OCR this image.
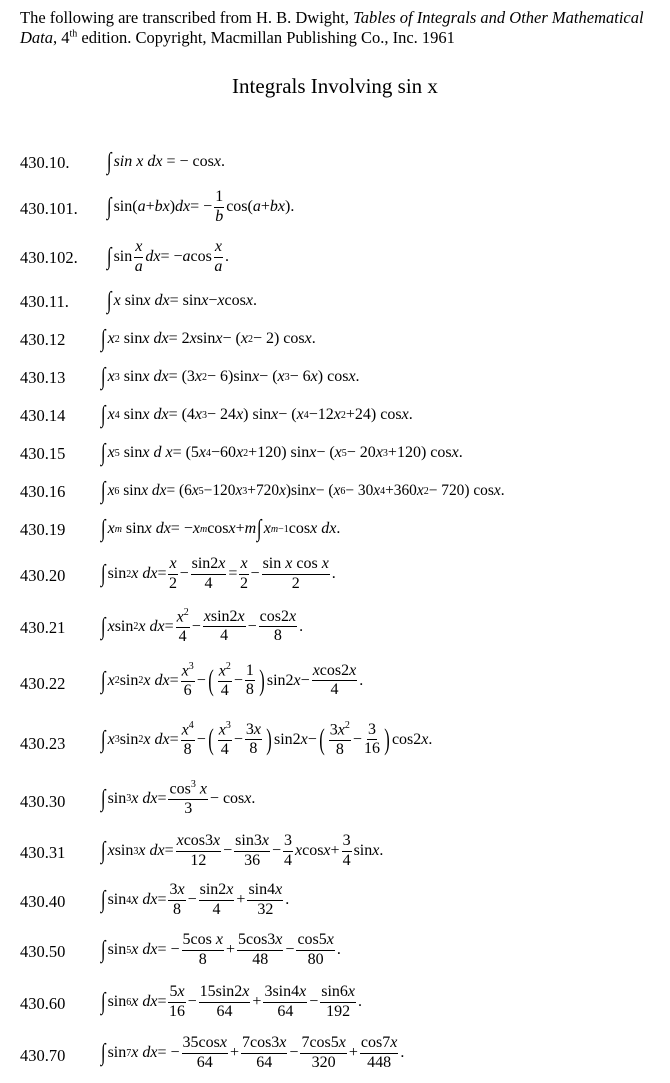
The following are transcribed from H. B. Dwight, Tables of Integrals and Other Mathematical Data, 4th edition. Copyright, Macmillan Publishing Co., Inc. 1961
Integrals Involving sin x
430.10. ∫ sin x dx = − cos x .
430.101. ∫ sin( a + bx ) dx = − $\frac{1}{b} \cos$( a + bx ).
430.102. ∫ $\sin \frac{x}{a}$ dx = − a $\cos \frac{x}{a}$ .
430.11. ∫ x sin x dx = sin x − x cos x .
430.12 ∫ x 2 sin x dx = 2 x sin x − ( x 2 − 2) cos x .
430.13 ∫ x 3 sin x dx = (3 x 2 − 6)sin x − ( x 3 − 6 x ) cos x .
430.14 ∫ x 4 sin x dx = (4 x 3 − 24 x ) sin x − ( x 4 −12 x 2 +24) cos x .
430.15 ∫ x 5 sin x d x = (5 x 4 −60 x 2 +120) sin x − ( x 5 − 20 x 3 +120) cos x .
430.16 ∫ x 6 sin x dx = (6 x 5 −120 x 3 +720 x )sin x − ( x 6 − 30 x 4 +360 x 2 − 720) cos x .
430.19 ∫ x m sin x dx = − x m cos x + m ∫ x m−1 cos x dx .
430.20 ∫ sin 2 x dx = $\frac{x}{2} - \frac{\sin 2x}{4} = \frac{x}{2} - \frac{\text{sin x cos x}}{2}$ .
430.21 ∫ x sin 2 x dx = $\frac{x^2}{4} - \frac{xsin2x}{4} - \frac{\cos 2x}{8}$ .
430.22 ∫ x 2 sin 2 x dx = $\frac{x^3}{6}$ − ( $\frac{x^2}{4} - \frac{1}{8}$ ) sin2 $x - \frac{xcos2x}{4}$ .
430.23 ∫ x 3 sin 2 x dx = $\frac{x^4}{8}$ − ( $\frac{x^3}{4} - \frac{3x}{8}$ ) sin2 x − ( $\frac{3x^2}{8} - \frac{3}{16}$ ) cos2 x .
430.30 ∫ sin 3 x dx = $\frac{\cos^3 x}{3} - \cos x$ .
430.31 ∫ x sin 3 x dx = $\frac{xcos3x}{12} - \frac{\sin 3x}{36} - \frac{3}{4}$ x $\cos x + \frac{3}{4}$ sin x .
430.40 ∫ sin 4 x dx = $\frac{3x}{8} - \frac{\sin 2x}{4} + \frac{\sin 4x}{32}$ .
430.50 ∫ sin 5 x dx = − $\frac{\text{5cos x}}{8} + \frac{5\cos 3x}{48} - \frac{\cos 5x}{80}$ .
430.60 ∫ sin 6 x dx = $\frac{5x}{16} - \frac{15\sin 2x}{64} + \frac{3\sin 4x}{64} - \frac{\sin 6x}{192}$ .
430.70 ∫ sin 7 x dx = − $\frac{35\cos x}{64} + \frac{7\cos 3x}{64} - \frac{7\cos 5x}{320} + \frac{\cos 7x}{448}$ .
